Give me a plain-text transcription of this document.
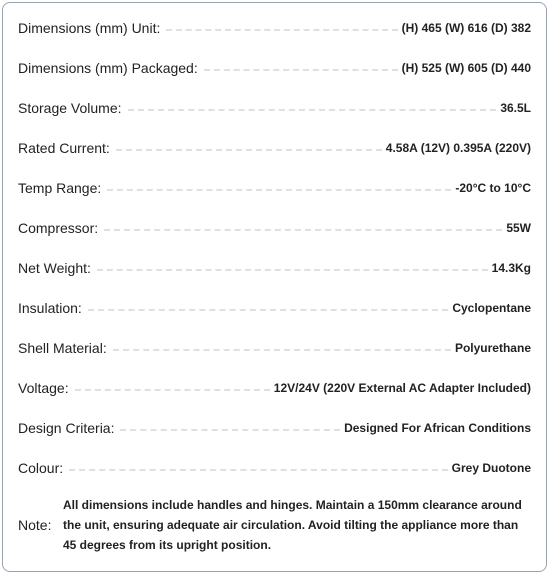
Dimensions (mm) Unit:	(H) 465 (W) 616 (D) 382
Dimensions (mm) Packaged:	(H) 525 (W) 605 (D) 440
Storage Volume:	36.5L
Rated Current:	4.58A (12V) 0.395A (220V)
Temp Range:	-20°C to 10°C
Compressor:	55W
Net Weight:	14.3Kg
Insulation:	Cyclopentane
Shell Material:	Polyurethane
Voltage:	12V/24V (220V External AC Adapter Included)
Design Criteria:	Designed For African Conditions
Colour:	Grey Duotone
Note:
All dimensions include handles and hinges. Maintain a 150mm clearance around the unit, ensuring adequate air circulation. Avoid tilting the appliance more than 45 degrees from its upright position.
